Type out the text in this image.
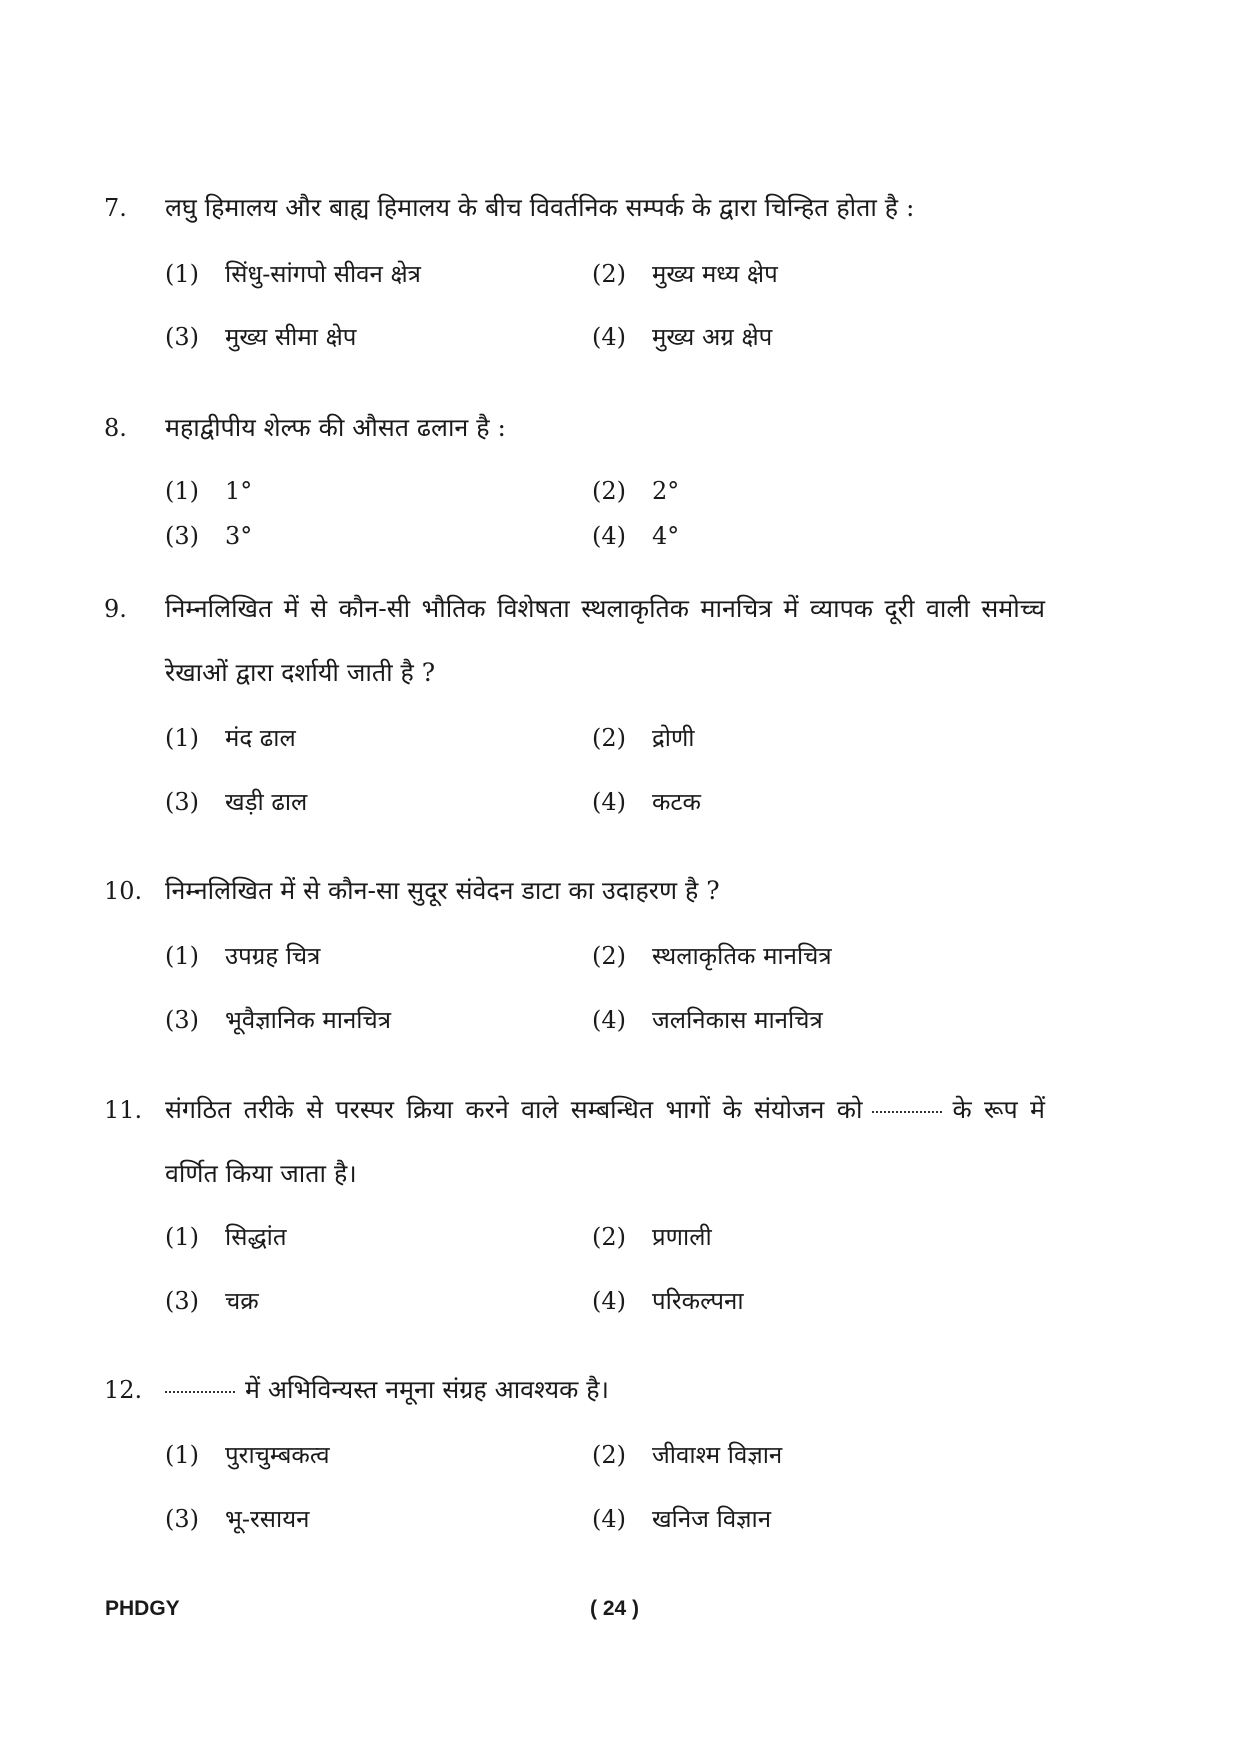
7. लघु हिमालय और बाह्य हिमालय के बीच विवर्तनिक सम्पर्क के द्वारा चिन्हित होता है :
(1) सिंधु-सांगपो सीवन क्षेत्र	(2) मुख्य मध्य क्षेप
(3) मुख्य सीमा क्षेप	(4) मुख्य अग्र क्षेप
8. महाद्वीपीय शेल्फ की औसत ढलान है :
(1) 1°	(2) 2°
(3) 3°	(4) 4°
9. निम्नलिखित में से कौन-सी भौतिक विशेषता स्थलाकृतिक मानचित्र में व्यापक दूरी वाली समोच्च रेखाओं द्वारा दर्शायी जाती है ?
(1) मंद ढाल	(2) द्रोणी
(3) खड़ी ढाल	(4) कटक
10. निम्नलिखित में से कौन-सा सुदूर संवेदन डाटा का उदाहरण है ?
(1) उपग्रह चित्र	(2) स्थलाकृतिक मानचित्र
(3) भूवैज्ञानिक मानचित्र	(4) जलनिकास मानचित्र
11. संगठित तरीके से परस्पर क्रिया करने वाले सम्बन्धित भागों के संयोजन को	के रूप में वर्णित किया जाता है।
(1) सिद्धांत	(2) प्रणाली
(3) चक्र	(4) परिकल्पना
12.	में अभिविन्यस्त नमूना संग्रह आवश्यक है।
(1) पुराचुम्बकत्व	(2) जीवाश्म विज्ञान
(3) भू-रसायन	(4) खनिज विज्ञान
PHDGY	( 24 )
